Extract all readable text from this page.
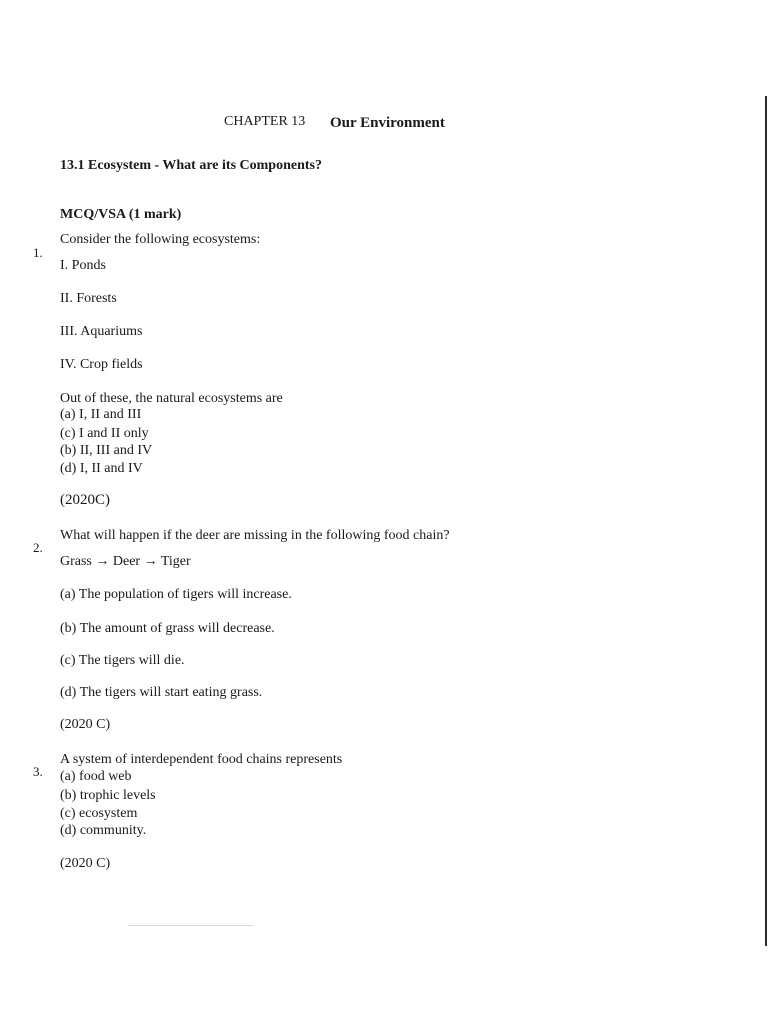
CHAPTER 13 Our Environment
13.1 Ecosystem - What are its Components?
MCQ/VSA (1 mark)
1.
Consider the following ecosystems:
I. Ponds
II. Forests
III. Aquariums
IV. Crop fields
Out of these, the natural ecosystems are
(a) I, II and III
(c) I and II only
(b) II, III and IV
(d) I, II and IV
(2020C)
2.
What will happen if the deer are missing in the following food chain?
Grass → Deer → Tiger
(a) The population of tigers will increase.
(b) The amount of grass will decrease.
(c) The tigers will die.
(d) The tigers will start eating grass.
(2020 C)
3.
A system of interdependent food chains represents
(a) food web
(b) trophic levels
(c) ecosystem
(d) community.
(2020 C)
